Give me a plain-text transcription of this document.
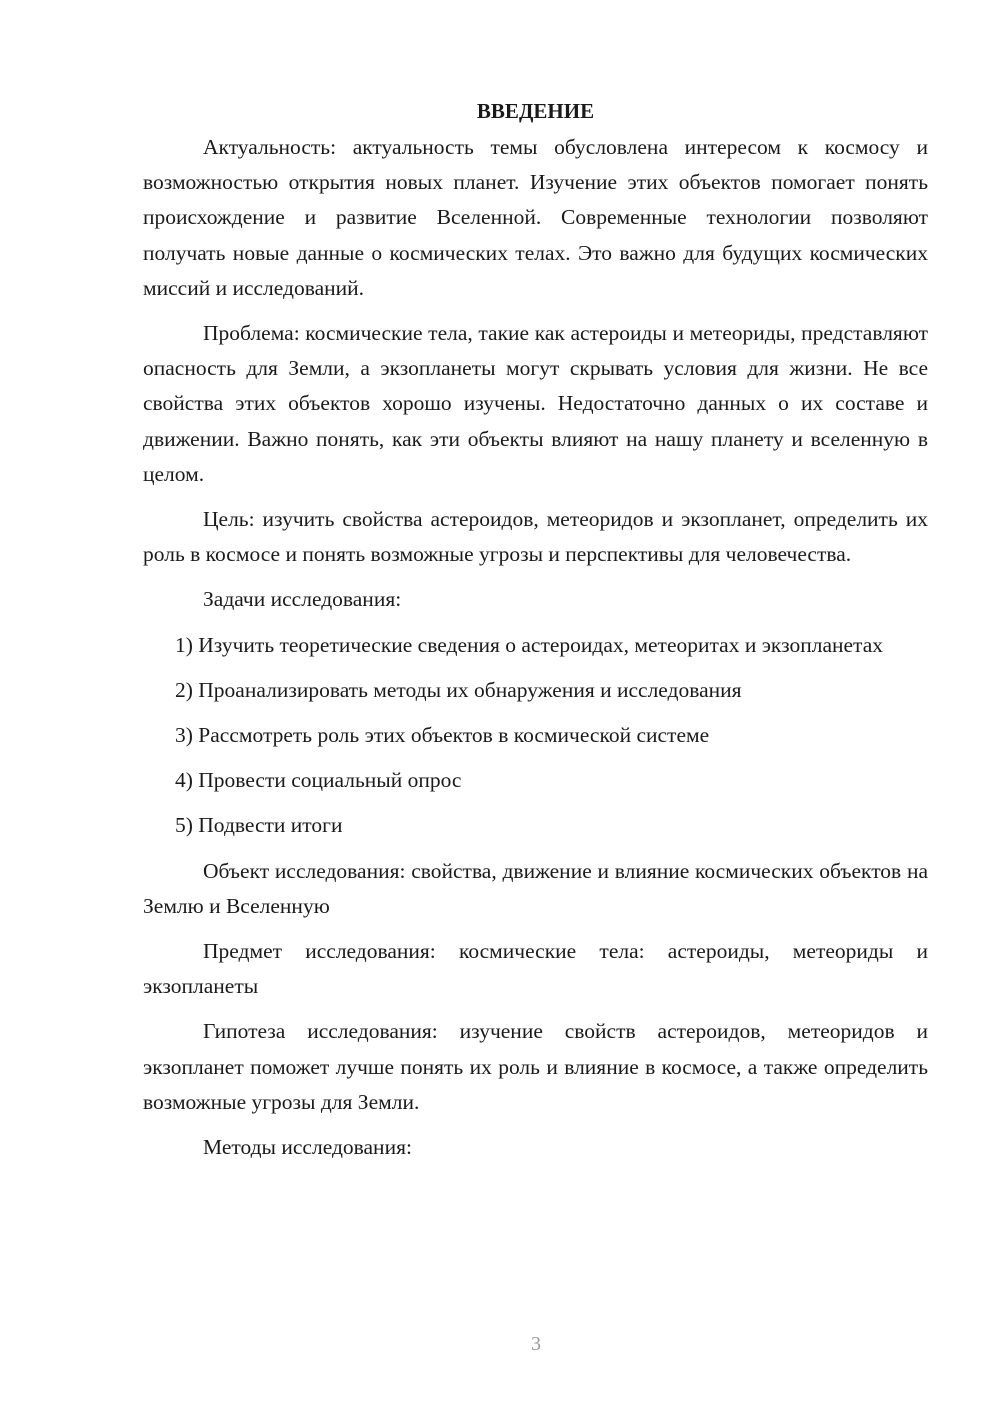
ВВЕДЕНИЕ

Актуальность: актуальность темы обусловлена интересом к космосу и возможностью открытия новых планет. Изучение этих объектов помогает понять происхождение и развитие Вселенной. Современные технологии позволяют получать новые данные о космических телах. Это важно для будущих космических миссий и исследований.

Проблема: космические тела, такие как астероиды и метеориды, представляют опасность для Земли, а экзопланеты могут скрывать условия для жизни. Не все свойства этих объектов хорошо изучены. Недостаточно данных о их составе и движении. Важно понять, как эти объекты влияют на нашу планету и вселенную в целом.

Цель: изучить свойства астероидов, метеоридов и экзопланет, определить их роль в космосе и понять возможные угрозы и перспективы для человечества.

Задачи исследования:

1) Изучить теоретические сведения о астероидах, метеоритах и экзопланетах

2) Проанализировать методы их обнаружения и исследования

3) Рассмотреть роль этих объектов в космической системе

4) Провести социальный опрос

5) Подвести итоги

Объект исследования: свойства, движение и влияние космических объектов на Землю и Вселенную

Предмет исследования: космические тела: астероиды, метеориды и экзопланеты

Гипотеза исследования: изучение свойств астероидов, метеоридов и экзопланет поможет лучше понять их роль и влияние в космосе, а также определить возможные угрозы для Земли.

Методы исследования:

3
